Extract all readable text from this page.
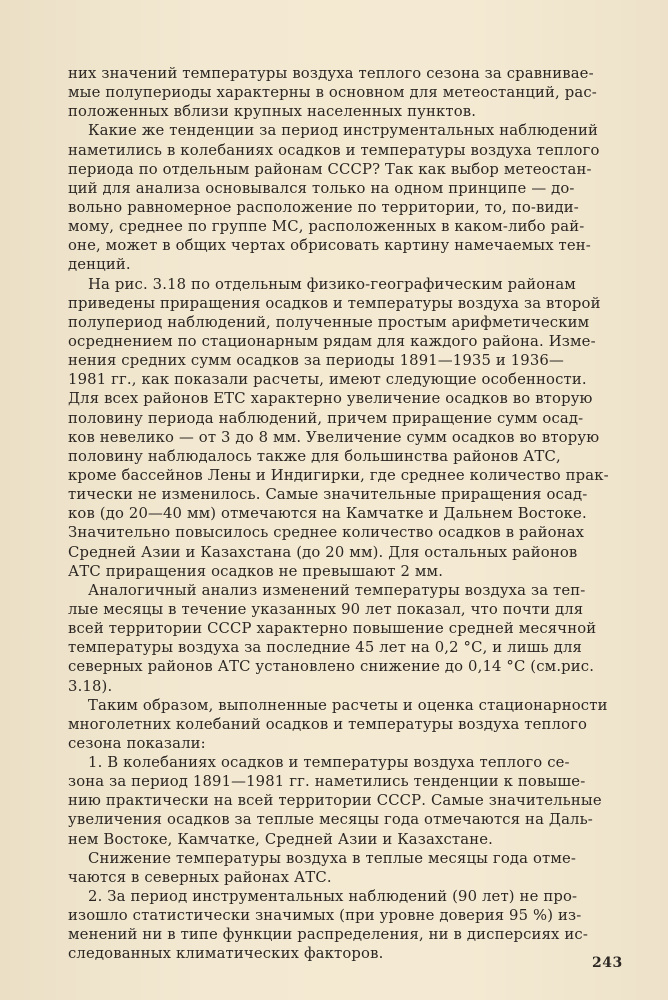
них значений температуры воздуха теплого сезона за сравнивае-
мые полупериоды характерны в основном для метеостанций, рас-
положенных вблизи крупных населенных пунктов.
Какие же тенденции за период инструментальных наблюдений
наметились в колебаниях осадков и температуры воздуха теплого
периода по отдельным районам СССР? Так как выбор метеостан-
ций для анализа основывался только на одном принципе — до-
вольно равномерное расположение по территории, то, по-види-
мому, среднее по группе МС, расположенных в каком-либо рай-
оне, может в общих чертах обрисовать картину намечаемых тен-
денций.
На рис. 3.18 по отдельным физико-географическим районам
приведены приращения осадков и температуры воздуха за второй
полупериод наблюдений, полученные простым арифметическим
осреднением по стационарным рядам для каждого района. Изме-
нения средних сумм осадков за периоды 1891—1935 и 1936—
1981 гг., как показали расчеты, имеют следующие особенности.
Для всех районов ЕТС характерно увеличение осадков во вторую
половину периода наблюдений, причем приращение сумм осад-
ков невелико — от 3 до 8 мм. Увеличение сумм осадков во вторую
половину наблюдалось также для большинства районов АТС,
кроме бассейнов Лены и Индигирки, где среднее количество прак-
тически не изменилось. Самые значительные приращения осад-
ков (до 20—40 мм) отмечаются на Камчатке и Дальнем Востоке.
Значительно повысилось среднее количество осадков в районах
Средней Азии и Казахстана (до 20 мм). Для остальных районов
АТС приращения осадков не превышают 2 мм.
Аналогичный анализ изменений температуры воздуха за теп-
лые месяцы в течение указанных 90 лет показал, что почти для
всей территории СССР характерно повышение средней месячной
температуры воздуха за последние 45 лет на 0,2 °С, и лишь для
северных районов АТС установлено снижение до 0,14 °С (см.рис.
3.18).
Таким образом, выполненные расчеты и оценка стационарности
многолетних колебаний осадков и температуры воздуха теплого
сезона показали:
1. В колебаниях осадков и температуры воздуха теплого се-
зона за период 1891—1981 гг. наметились тенденции к повыше-
нию практически на всей территории СССР. Самые значительные
увеличения осадков за теплые месяцы года отмечаются на Даль-
нем Востоке, Камчатке, Средней Азии и Казахстане.
Снижение температуры воздуха в теплые месяцы года отме-
чаются в северных районах АТС.
2. За период инструментальных наблюдений (90 лет) не про-
изошло статистически значимых (при уровне доверия 95 %) из-
менений ни в типе функции распределения, ни в дисперсиях ис-
следованных климатических факторов.
243
